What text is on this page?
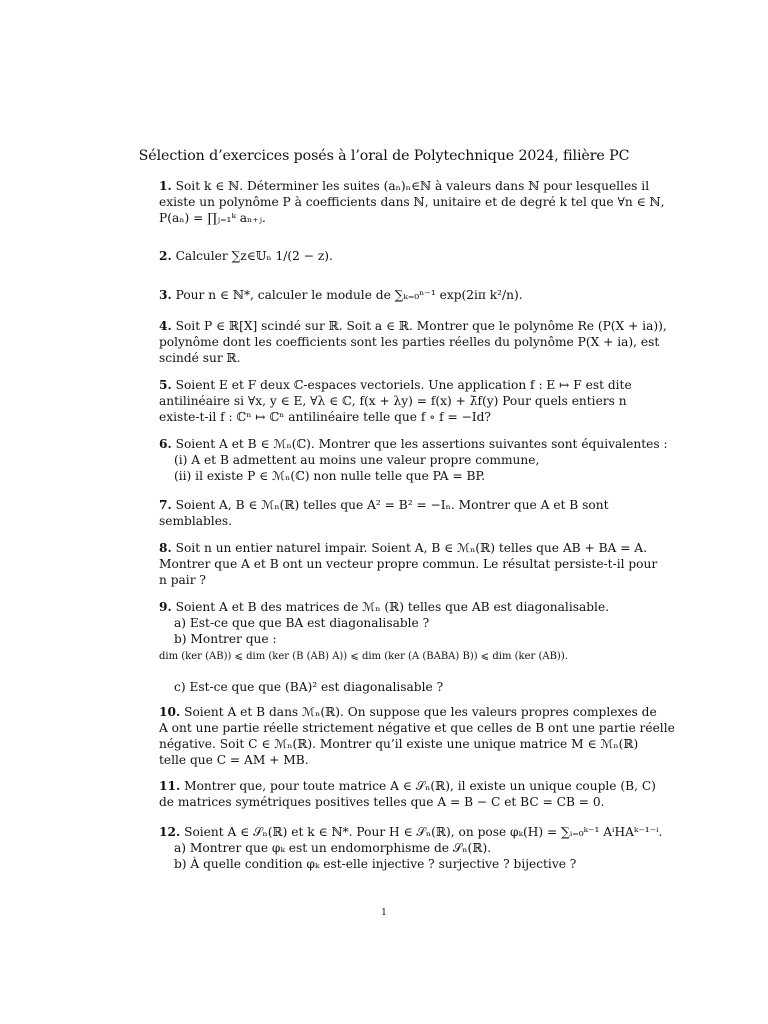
Sélection d’exercices posés à l’oral de Polytechnique 2024, filière PC
1. Soit k ∈ ℕ. Déterminer les suites (aₙ)ₙ∈ℕ à valeurs dans ℕ pour lesquelles il
existe un polynôme P à coefficients dans ℕ, unitaire et de degré k tel que ∀n ∈ ℕ,
P(aₙ) = ∏ⱼ₌₁ᵏ aₙ₊ⱼ.
2. Calculer ∑z∈𝕌ₙ 1/(2 − z).
3. Pour n ∈ ℕ*, calculer le module de ∑ₖ₌₀ⁿ⁻¹ exp(2iπ k²/n).
4. Soit P ∈ ℝ[X] scindé sur ℝ. Soit a ∈ ℝ. Montrer que le polynôme Re (P(X + ia)),
polynôme dont les coefficients sont les parties réelles du polynôme P(X + ia), est
scindé sur ℝ.
5. Soient E et F deux ℂ-espaces vectoriels. Une application f : E ↦ F est dite
antilinéaire si ∀x, y ∈ E, ∀λ ∈ ℂ, f(x + λy) = f(x) + λ̄f(y) Pour quels entiers n
existe-t-il f : ℂⁿ ↦ ℂⁿ antilinéaire telle que f ∘ f = −Id?
6. Soient A et B ∈ ℳₙ(ℂ). Montrer que les assertions suivantes sont équivalentes :
(i) A et B admettent au moins une valeur propre commune,
(ii) il existe P ∈ ℳₙ(ℂ) non nulle telle que PA = BP.
7. Soient A, B ∈ ℳₙ(ℝ) telles que A² = B² = −Iₙ. Montrer que A et B sont
semblables.
8. Soit n un entier naturel impair. Soient A, B ∈ ℳₙ(ℝ) telles que AB + BA = A.
Montrer que A et B ont un vecteur propre commun. Le résultat persiste-t-il pour
n pair ?
9. Soient A et B des matrices de ℳₙ (ℝ) telles que AB est diagonalisable.
a) Est-ce que que BA est diagonalisable ?
b) Montrer que :
dim (ker (AB)) ⩽ dim (ker (B (AB) A)) ⩽ dim (ker (A (BABA) B)) ⩽ dim (ker (AB)).
c) Est-ce que que (BA)² est diagonalisable ?
10. Soient A et B dans ℳₙ(ℝ). On suppose que les valeurs propres complexes de
A ont une partie réelle strictement négative et que celles de B ont une partie réelle
négative. Soit C ∈ ℳₙ(ℝ). Montrer qu’il existe une unique matrice M ∈ ℳₙ(ℝ)
telle que C = AM + MB.
11. Montrer que, pour toute matrice A ∈ 𝒮ₙ(ℝ), il existe un unique couple (B, C)
de matrices symétriques positives telles que A = B − C et BC = CB = 0.
12. Soient A ∈ 𝒮ₙ(ℝ) et k ∈ ℕ*. Pour H ∈ 𝒮ₙ(ℝ), on pose φₖ(H) = ∑ᵢ₌₀ᵏ⁻¹ AⁱHAᵏ⁻¹⁻ⁱ.
a) Montrer que φₖ est un endomorphisme de 𝒮ₙ(ℝ).
b) À quelle condition φₖ est-elle injective ? surjective ? bijective ?
1
